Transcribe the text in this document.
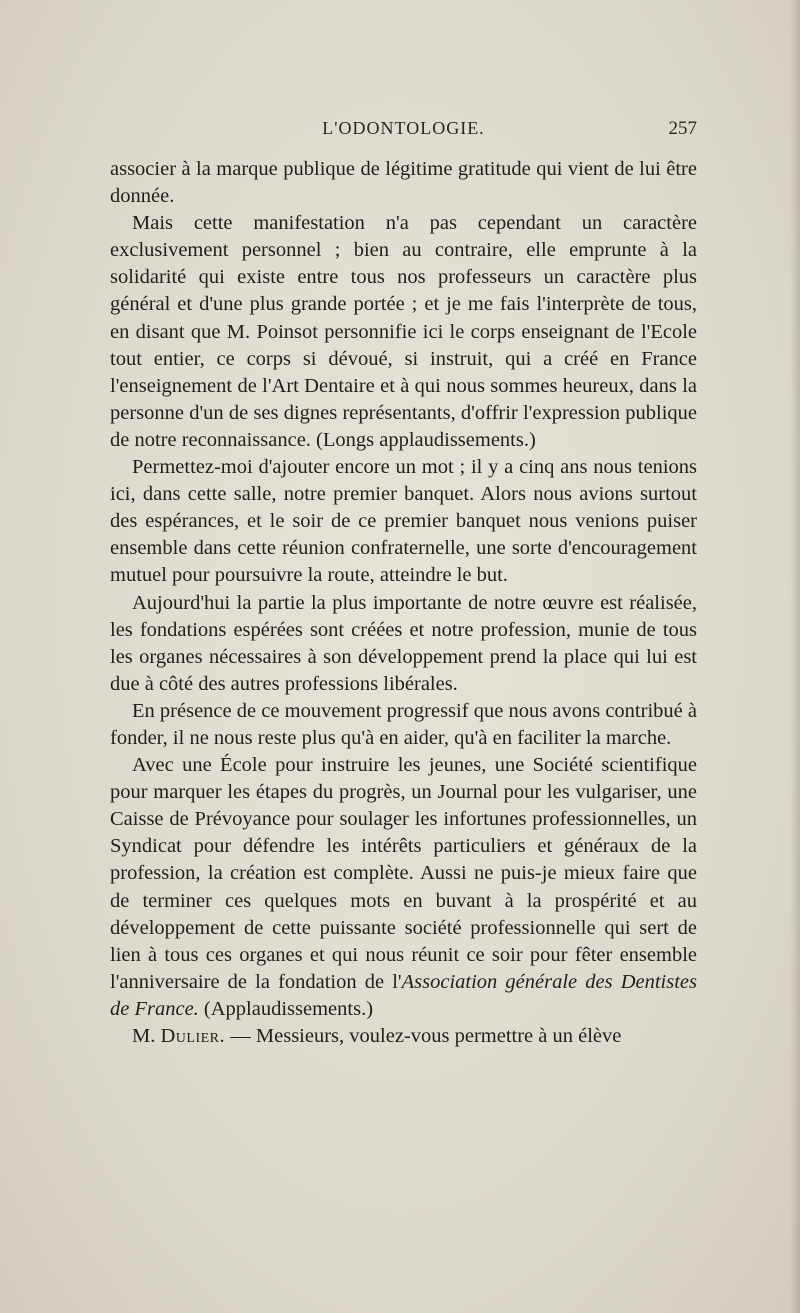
L'ODONTOLOGIE.	257

associer à la marque publique de légitime gratitude qui vient de lui être donnée.

Mais cette manifestation n'a pas cependant un caractère exclusivement personnel ; bien au contraire, elle emprunte à la solidarité qui existe entre tous nos professeurs un caractère plus général et d'une plus grande portée ; et je me fais l'interprète de tous, en disant que M. Poinsot personnifie ici le corps enseignant de l'Ecole tout entier, ce corps si dévoué, si instruit, qui a créé en France l'enseignement de l'Art Dentaire et à qui nous sommes heureux, dans la personne d'un de ses dignes représentants, d'offrir l'expression publique de notre reconnaissance. (Longs applaudissements.)

Permettez-moi d'ajouter encore un mot ; il y a cinq ans nous tenions ici, dans cette salle, notre premier banquet. Alors nous avions surtout des espérances, et le soir de ce premier banquet nous venions puiser ensemble dans cette réunion confraternelle, une sorte d'encouragement mutuel pour poursuivre la route, atteindre le but.

Aujourd'hui la partie la plus importante de notre œuvre est réalisée, les fondations espérées sont créées et notre profession, munie de tous les organes nécessaires à son développement prend la place qui lui est due à côté des autres professions libérales.

En présence de ce mouvement progressif que nous avons contribué à fonder, il ne nous reste plus qu'à en aider, qu'à en faciliter la marche.

Avec une École pour instruire les jeunes, une Société scientifique pour marquer les étapes du progrès, un Journal pour les vulgariser, une Caisse de Prévoyance pour soulager les infortunes professionnelles, un Syndicat pour défendre les intérêts particuliers et généraux de la profession, la création est complète. Aussi ne puis-je mieux faire que de terminer ces quelques mots en buvant à la prospérité et au développement de cette puissante société professionnelle qui sert de lien à tous ces organes et qui nous réunit ce soir pour fêter ensemble l'anniversaire de la fondation de l'Association générale des Dentistes de France. (Applaudissements.)

M. Dulier. — Messieurs, voulez-vous permettre à un élève
